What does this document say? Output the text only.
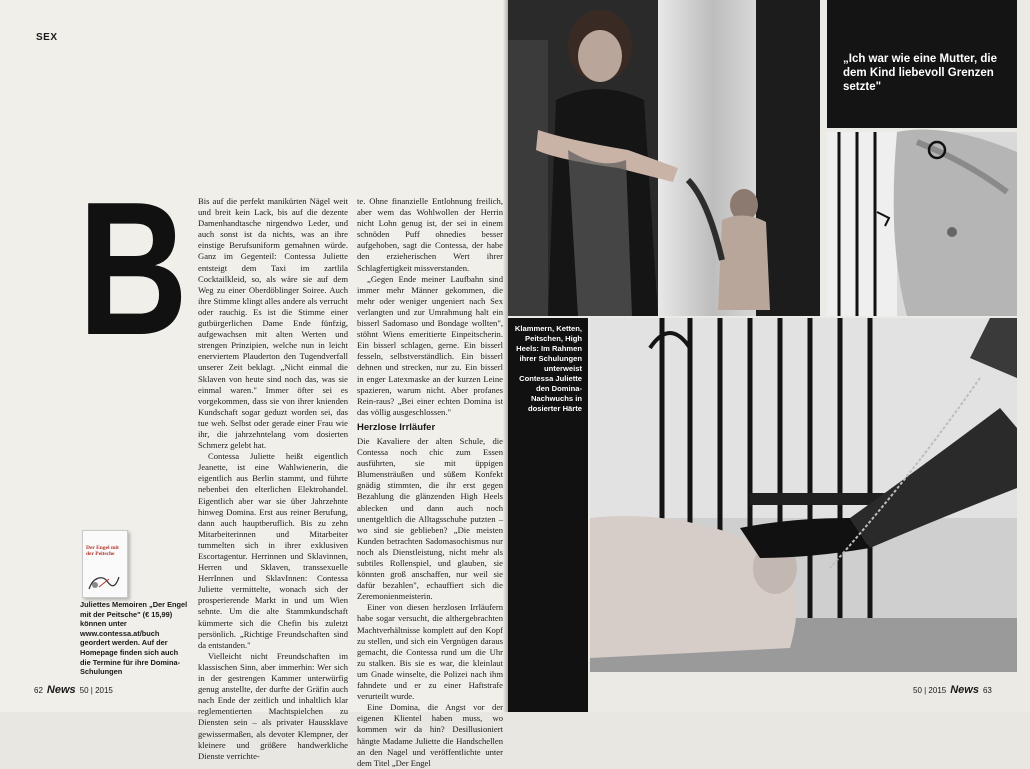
SEX
B Bis auf die perfekt manikürten Nägel weit und breit kein Lack, bis auf die dezente Damenhandtasche nirgendwo Leder, und auch sonst ist da nichts, was an ihre einstige Berufsuniform gemahnen würde. Ganz im Gegenteil: Contessa Juliette entsteigt dem Taxi im zartlila Cocktailkleid, so, als wäre sie auf dem Weg zu einer Oberdöblinger Soiree. Auch ihre Stimme klingt alles andere als verrucht oder rauchig. Es ist die Stimme einer gutbürgerlichen Dame Ende fünfzig, aufgewachsen mit alten Werten und strengen Prinzipien, welche nun in leicht enerviertem Plauderton den Tugendverfall unserer Zeit beklagt. „Nicht einmal die Sklaven von heute sind noch das, was sie einmal waren." Immer öfter sei es vorgekommen, dass sie von ihrer knienden Kundschaft sogar geduzt worden sei, das tue weh. Selbst oder gerade einer Frau wie ihr, die jahrzehntelang vom dosierten Schmerz gelebt hat.

Contessa Juliette heißt eigentlich Jeanette, ist eine Wahlwienerin, die eigentlich aus Berlin stammt, und führte nebenbei den elterlichen Elektrohandel. Eigentlich aber war sie über Jahrzehnte hinweg Domina. Erst aus reiner Berufung, dann auch hauptberuflich. Bis zu zehn Mitarbeiterinnen und Mitarbeiter tummelten sich in ihrer exklusiven Escortagentur. Herrinnen und Sklavinnen, Herren und Sklaven, transsexuelle HerrInnen und SklavInnen: Contessa Juliette vermittelte, wonach sich der prosperierende Markt in und um Wien sehnte. Um die alte Stammkundschaft kümmerte sich die Chefin bis zuletzt persönlich. „Richtige Freundschaften sind da entstanden."

Vielleicht nicht Freundschaften im klassischen Sinn, aber immerhin: Wer sich in der gestrengen Kammer unterwürfig genug anstellte, der durfte der Gräfin auch nach Ende der zeitlich und inhaltlich klar reglementierten Machtspielchen zu Diensten sein – als privater Haussklave gewissermaßen, als devoter Klempner, der kleinere und größere handwerkliche Dienste verrichte-

te. Ohne finanzielle Entlohnung freilich, aber wem das Wohlwollen der Herrin nicht Lohn genug ist, der sei in einem schnöden Puff ohnedies besser aufgehoben, sagt die Contessa, der habe den erzieherischen Wert ihrer Schlagfertigkeit missverstanden.

„Gegen Ende meiner Laufbahn sind immer mehr Männer gekommen, die mehr oder weniger ungeniert nach Sex verlangten und zur Umrahmung halt ein bisserl Sadomaso und Bondage wollten", stöhnt Wiens emeritierte Einpeitscherin. Ein bisserl schlagen, gerne. Ein bisserl fesseln, selbstverständlich. Ein bisserl dehnen und strecken, nur zu. Ein bisserl in enger Latexmaske an der kurzen Leine spazieren, warum nicht. Aber profanes Rein-raus? „Bei einer echten Domina ist das völlig ausgeschlossen."

Herzlose Irrläufer

Die Kavaliere der alten Schule, die Contessa noch chic zum Essen ausführten, sie mit üppigen Blumensträußen und süßem Konfekt gnädig stimmten, die ihr erst gegen Bezahlung die glänzenden High Heels ablecken und dann auch noch unentgeltlich die Alltagsschuhe putzten – wo sind sie geblieben? „Die meisten Kunden betrachten Sadomasochismus nur noch als Dienstleistung, nicht mehr als subtiles Rollenspiel, und glauben, sie könnten groß anschaffen, nur weil sie dafür bezahlen", echauffiert sich die Zeremonienmeisterin.

Einer von diesen herzlosen Irrläufern habe sogar versucht, die althergebrachten Machtverhältnisse komplett auf den Kopf zu stellen, und sich ein Vergnügen daraus gemacht, die Contessa rund um die Uhr zu stalken. Bis sie es war, die kleinlaut um Gnade winselte, die Polizei nach ihm fahndete und er zu einer Haftstrafe verurteilt wurde.

Eine Domina, die Angst vor der eigenen Klientel haben muss, wo kommen wir da hin? Desillusioniert hängte Madame Juliette die Handschellen an den Nagel und veröffentlichte unter dem Titel „Der Engel

Der Engel mit der Peitsche
Juliettes Memoiren „Der Engel mit der Peitsche" (€ 15,99) können unter www.contessa.at/buch geordert werden. Auf der Homepage finden sich auch die Termine für ihre Domina-Schulungen
62 News 50 | 2015
„Ich war wie eine Mutter, die dem Kind liebevoll Grenzen setzte"
Klammern, Ketten, Peitschen, High Heels: Im Rahmen ihrer Schulungen unterweist Contessa Juliette den Domina-Nachwuchs in dosierter Härte
50 | 2015 News 63
